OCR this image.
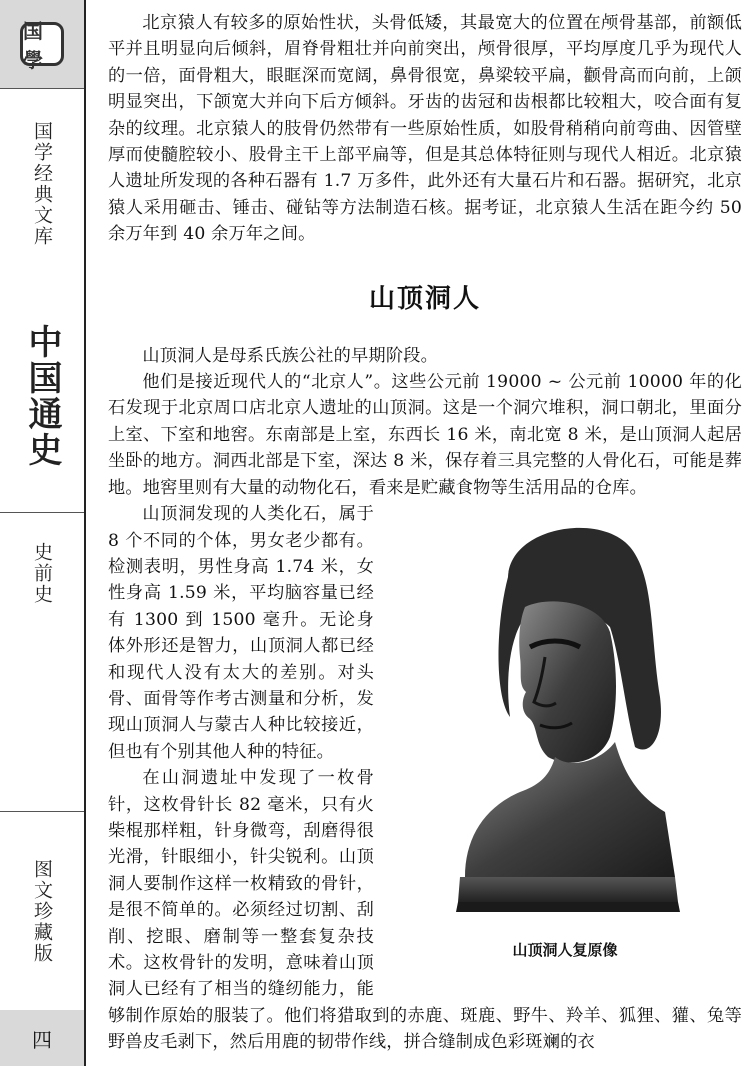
国學
国学经典文库
中国通史
史前史
图文珍藏版
四

北京猿人有较多的原始性状，头骨低矮，其最宽大的位置在颅骨基部，前额低平并且明显向后倾斜，眉脊骨粗壮并向前突出，颅骨很厚，平均厚度几乎为现代人的一倍，面骨粗大，眼眶深而宽阔，鼻骨很宽，鼻梁较平扁，颧骨高而向前，上颌明显突出，下颌宽大并向下后方倾斜。牙齿的齿冠和齿根都比较粗大，咬合面有复杂的纹理。北京猿人的肢骨仍然带有一些原始性质，如股骨稍稍向前弯曲、因管壁厚而使髓腔较小、股骨主干上部平扁等，但是其总体特征则与现代人相近。北京猿人遗址所发现的各种石器有 1.7 万多件，此外还有大量石片和石器。据研究，北京猿人采用砸击、锤击、碰钻等方法制造石核。据考证，北京猿人生活在距今约 50 余万年到 40 余万年之间。

山顶洞人

山顶洞人是母系氏族公社的早期阶段。

他们是接近现代人的“北京人”。这些公元前 19000 ~ 公元前 10000 年的化石发现于北京周口店北京人遗址的山顶洞。这是一个洞穴堆积，洞口朝北，里面分上室、下室和地窖。东南部是上室，东西长 16 米，南北宽 8 米，是山顶洞人起居坐卧的地方。洞西北部是下室，深达 8 米，保存着三具完整的人骨化石，可能是葬地。地窖里则有大量的动物化石，看来是贮藏食物等生活用品的仓库。

山顶洞人复原像

山顶洞发现的人类化石，属于 8 个不同的个体，男女老少都有。检测表明，男性身高 1.74 米，女性身高 1.59 米，平均脑容量已经有 1300 到 1500 毫升。无论身体外形还是智力，山顶洞人都已经和现代人没有太大的差别。对头骨、面骨等作考古测量和分析，发现山顶洞人与蒙古人种比较接近，但也有个别其他人种的特征。

在山洞遗址中发现了一枚骨针，这枚骨针长 82 毫米，只有火柴棍那样粗，针身微弯，刮磨得很光滑，针眼细小，针尖锐利。山顶洞人要制作这样一枚精致的骨针，是很不简单的。必须经过切割、刮削、挖眼、磨制等一整套复杂技术。这枚骨针的发明，意味着山顶洞人已经有了相当的缝纫能力，能够制作原始的服装了。他们将猎取到的赤鹿、斑鹿、野牛、羚羊、狐狸、獾、兔等野兽皮毛剥下，然后用鹿的韧带作线，拼合缝制成色彩斑斓的衣
